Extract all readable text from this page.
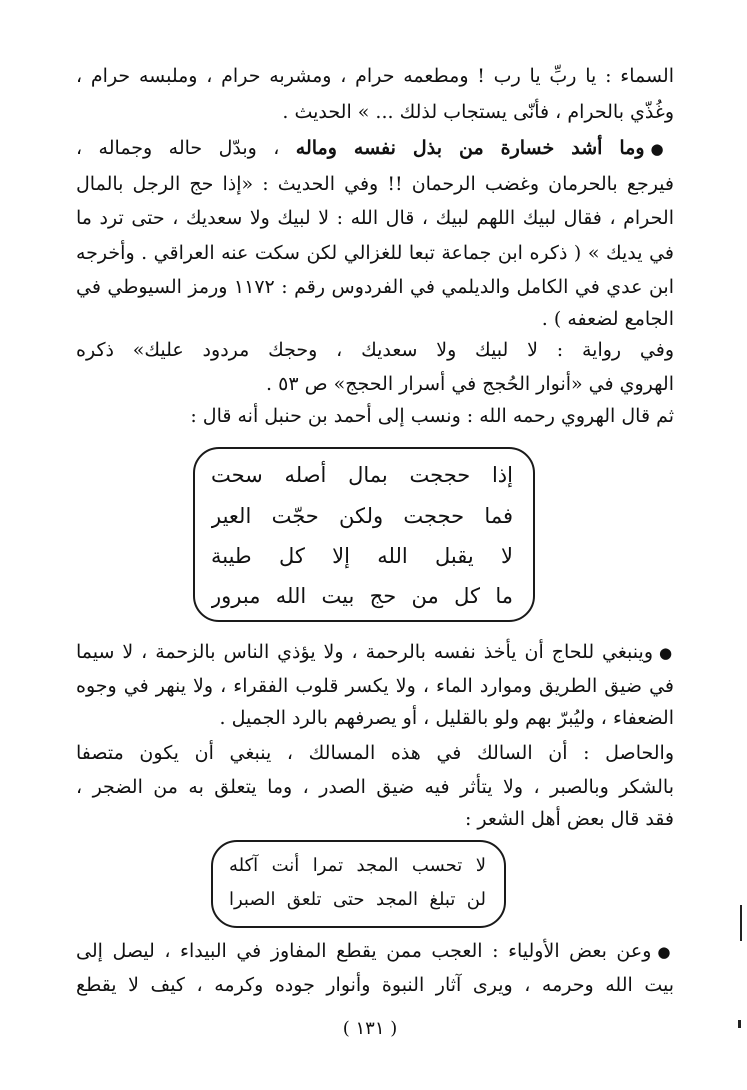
السماء : يا ربِّ يا رب ! ومطعمه حرام ، ومشربه حرام ، وملبسه حرام ،
وغُذّي بالحرام ، فأنّى يستجاب لذلك ... » الحديث .
●وما أشد خسارة من بذل نفسه وماله ، وبدّل حاله وجماله ،
فيرجع بالحرمان وغضب الرحمان !! وفي الحديث : «إذا حج الرجل بالمال
الحرام ، فقال لبيك اللهم لبيك ، قال الله : لا لبيك ولا سعديك ، حتى ترد ما
في يديك » ( ذكره ابن جماعة تبعا للغزالي لكن سكت عنه العراقي . وأخرجه
ابن عدي في الكامل والديلمي في الفردوس رقم : ١١٧٢ ورمز السيوطي في
الجامع لضعفه ) .
وفي رواية : لا لبيك ولا سعديك ، وحجك مردود عليك» ذكره
الهروي في «أنوار الحُجج في أسرار الحجج» ص ٥٣ .
ثم قال الهروي رحمه الله : ونسب إلى أحمد بن حنبل أنه قال :
إذا حججت بمال أصله سحت
فما حججت ولكن حجّت العير
لا يقبل الله إلا كل طيبة
ما كل من حج بيت الله مبرور
●وينبغي للحاج أن يأخذ نفسه بالرحمة ، ولا يؤذي الناس بالزحمة ، لا سيما
في ضيق الطريق وموارد الماء ، ولا يكسر قلوب الفقراء ، ولا ينهر في وجوه
الضعفاء ، وليُبرّ بهم ولو بالقليل ، أو يصرفهم بالرد الجميل .
والحاصل : أن السالك في هذه المسالك ، ينبغي أن يكون متصفا
بالشكر وبالصبر ، ولا يتأثر فيه ضيق الصدر ، وما يتعلق به من الضجر ،
فقد قال بعض أهل الشعر :
لا تحسب المجد تمرا أنت آكله
لن تبلغ المجد حتى تلعق الصبرا
●وعن بعض الأولياء : العجب ممن يقطع المفاوز في البيداء ، ليصل إلى
بيت الله وحرمه ، ويرى آثار النبوة وأنوار جوده وكرمه ، كيف لا يقطع
( ١٣١ )
